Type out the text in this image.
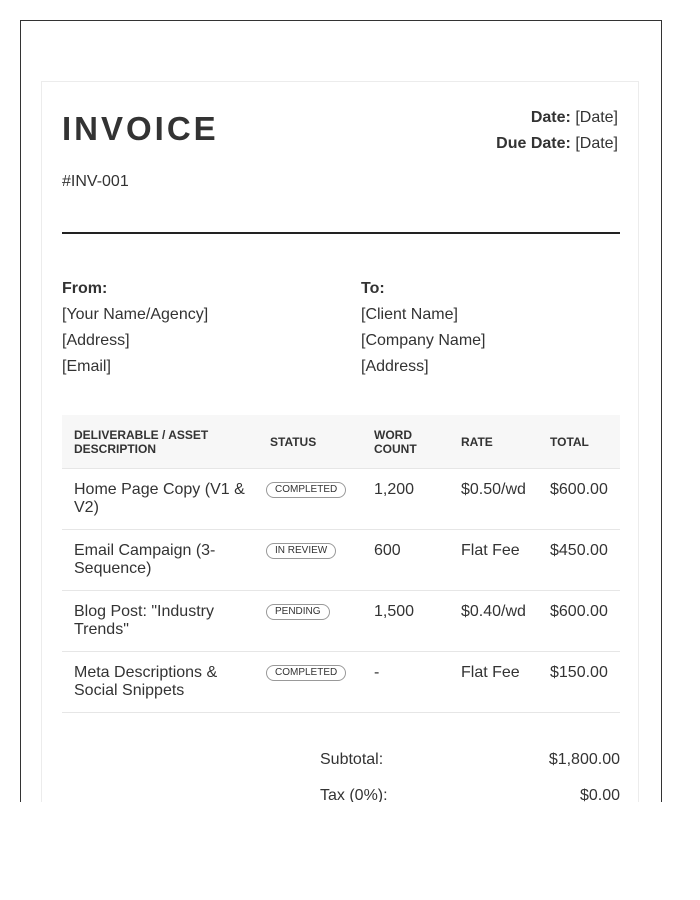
INVOICE
#INV-001
Date: [Date]
Due Date: [Date]
From:
[Your Name/Agency]
[Address]
[Email]
To:
[Client Name]
[Company Name]
[Address]
DELIVERABLE / ASSET DESCRIPTION	STATUS	WORD COUNT	RATE	TOTAL
Home Page Copy (V1 & V2)	COMPLETED	1,200	$0.50/wd	$600.00
Email Campaign (3-Sequence)	IN REVIEW	600	Flat Fee	$450.00
Blog Post: "Industry Trends"	PENDING	1,500	$0.40/wd	$600.00
Meta Descriptions & Social Snippets	COMPLETED	-	Flat Fee	$150.00
Subtotal:	$1,800.00
Tax (0%):	$0.00
